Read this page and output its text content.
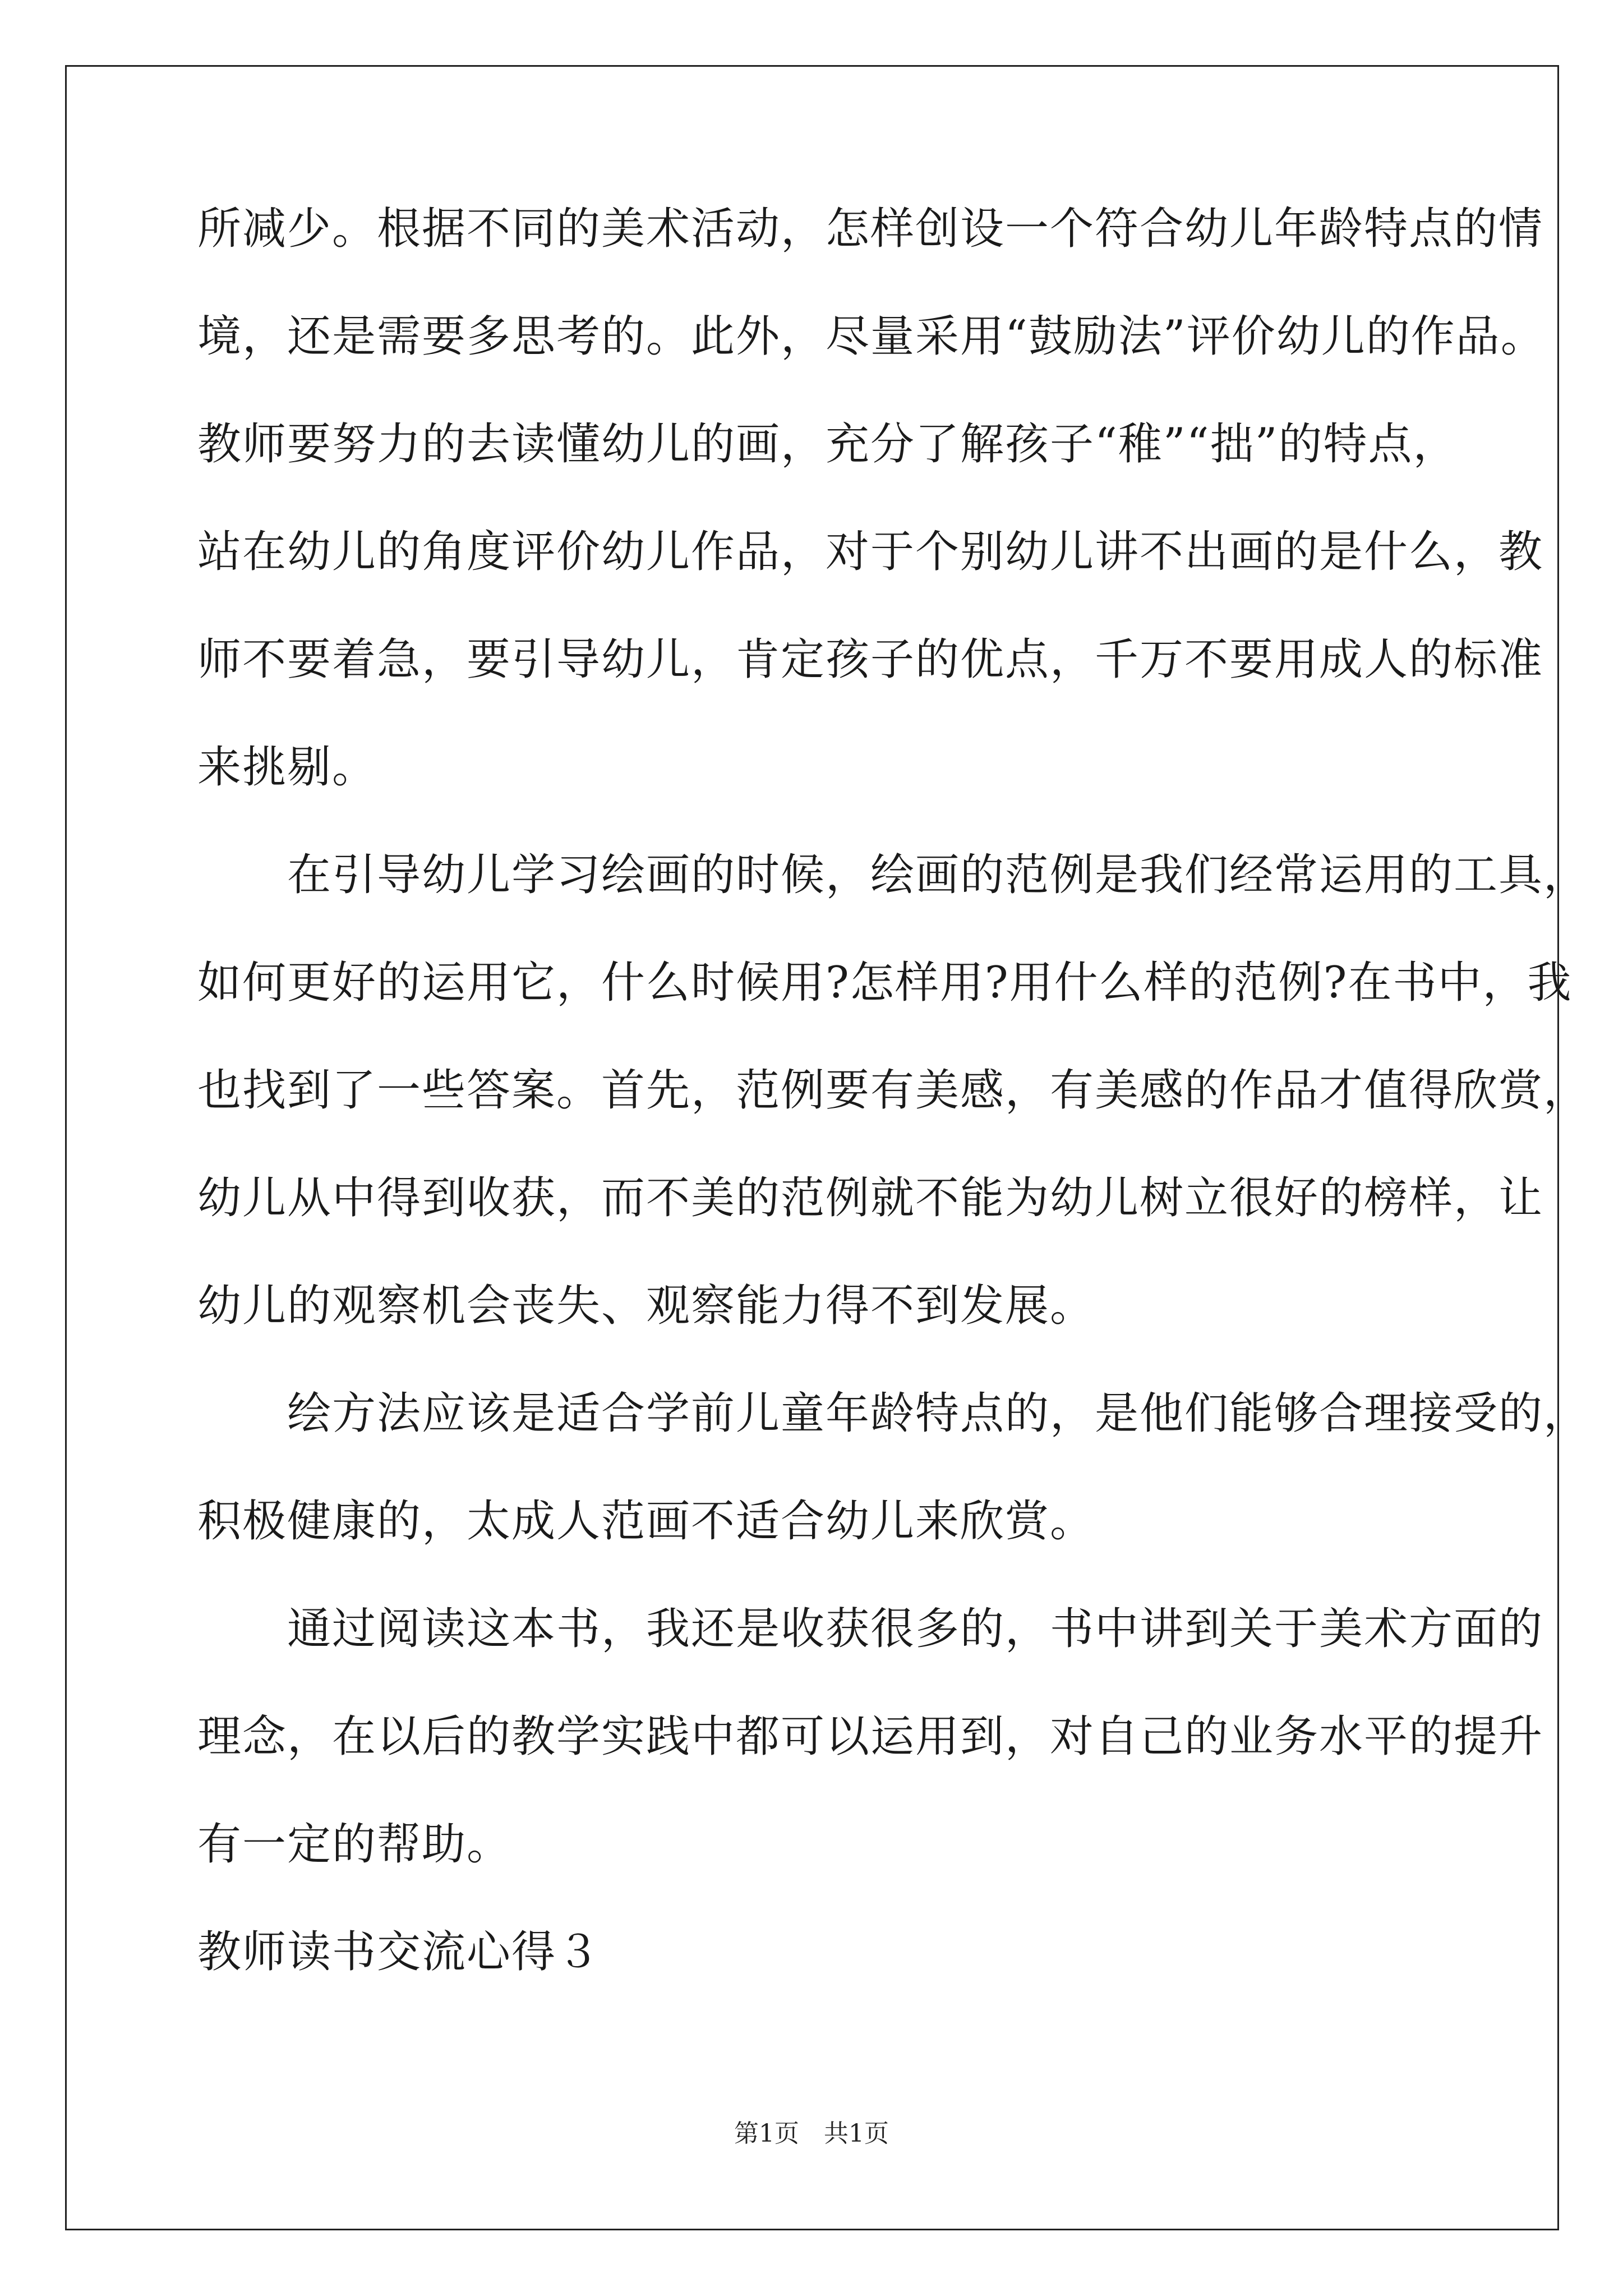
所减少。根据不同的美术活动，怎样创设一个符合幼儿年龄特点的情
境，还是需要多思考的。此外，尽量采用“鼓励法”评价幼儿的作品。
教师要努力的去读懂幼儿的画，充分了解孩子“稚”“拙”的特点，
站在幼儿的角度评价幼儿作品，对于个别幼儿讲不出画的是什么，教
师不要着急，要引导幼儿，肯定孩子的优点，千万不要用成人的标准
来挑剔。
　　在引导幼儿学习绘画的时候，绘画的范例是我们经常运用的工具，
如何更好的运用它，什么时候用?怎样用?用什么样的范例?在书中，我
也找到了一些答案。首先，范例要有美感，有美感的作品才值得欣赏，
幼儿从中得到收获，而不美的范例就不能为幼儿树立很好的榜样，让
幼儿的观察机会丧失、观察能力得不到发展。
　　绘方法应该是适合学前儿童年龄特点的，是他们能够合理接受的，
积极健康的，太成人范画不适合幼儿来欣赏。
　　通过阅读这本书，我还是收获很多的，书中讲到关于美术方面的
理念，在以后的教学实践中都可以运用到，对自己的业务水平的提升
有一定的帮助。
教师读书交流心得３
第1页 共1页
